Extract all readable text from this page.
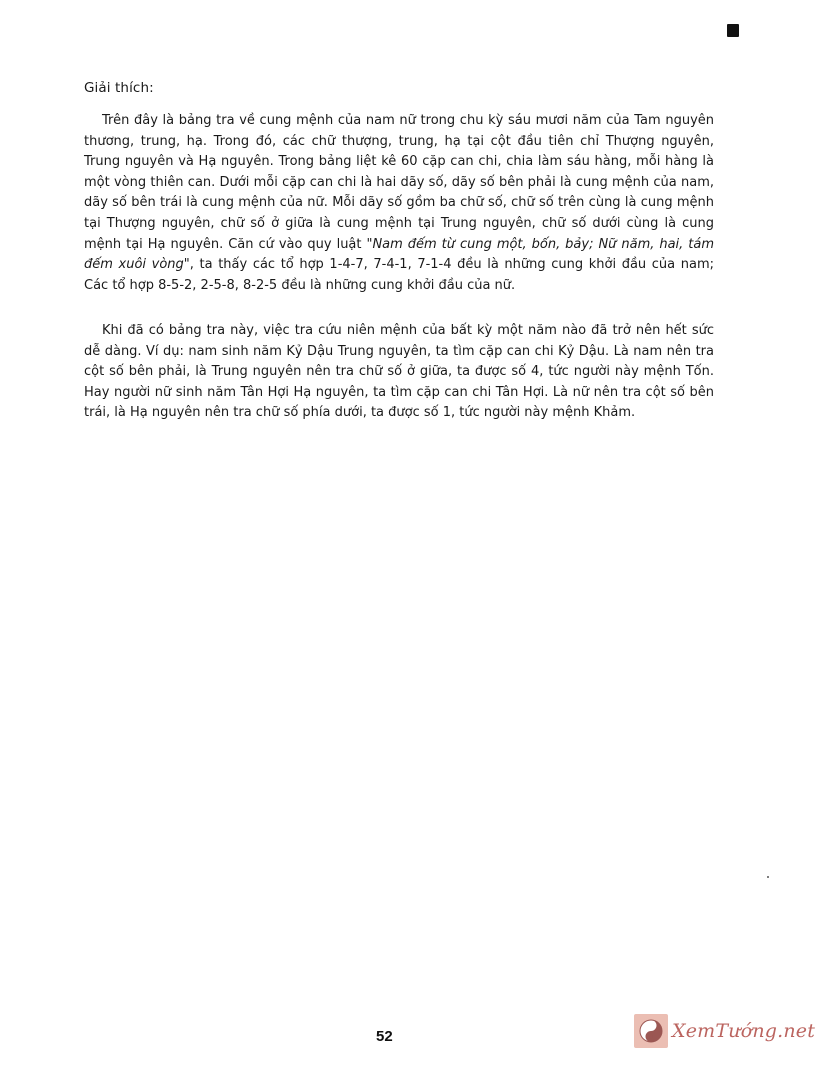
Giải thích:

Trên đây là bảng tra về cung mệnh của nam nữ trong chu kỳ sáu mươi năm của Tam nguyên thương, trung, hạ. Trong đó, các chữ thượng, trung, hạ tại cột đầu tiên chỉ Thượng nguyên, Trung nguyên và Hạ nguyên. Trong bảng liệt kê 60 cặp can chi, chia làm sáu hàng, mỗi hàng là một vòng thiên can. Dưới mỗi cặp can chi là hai dãy số, dãy số bên phải là cung mệnh của nam, dãy số bên trái là cung mệnh của nữ. Mỗi dãy số gồm ba chữ số, chữ số trên cùng là cung mệnh tại Thượng nguyên, chữ số ở giữa là cung mệnh tại Trung nguyên, chữ số dưới cùng là cung mệnh tại Hạ nguyên. Căn cứ vào quy luật "Nam đếm từ cung một, bốn, bảy; Nữ năm, hai, tám đếm xuôi vòng", ta thấy các tổ hợp 1-4-7, 7-4-1, 7-1-4 đều là những cung khởi đầu của nam; Các tổ hợp 8-5-2, 2-5-8, 8-2-5 đều là những cung khởi đầu của nữ.

Khi đã có bảng tra này, việc tra cứu niên mệnh của bất kỳ một năm nào đã trở nên hết sức dễ dàng. Ví dụ: nam sinh năm Kỷ Dậu Trung nguyên, ta tìm cặp can chi Kỷ Dậu. Là nam nên tra cột số bên phải, là Trung nguyên nên tra chữ số ở giữa, ta được số 4, tức người này mệnh Tốn. Hay người nữ sinh năm Tân Hợi Hạ nguyên, ta tìm cặp can chi Tân Hợi. Là nữ nên tra cột số bên trái, là Hạ nguyên nên tra chữ số phía dưới, ta được số 1, tức người này mệnh Khảm.

52	XemTướng.net
